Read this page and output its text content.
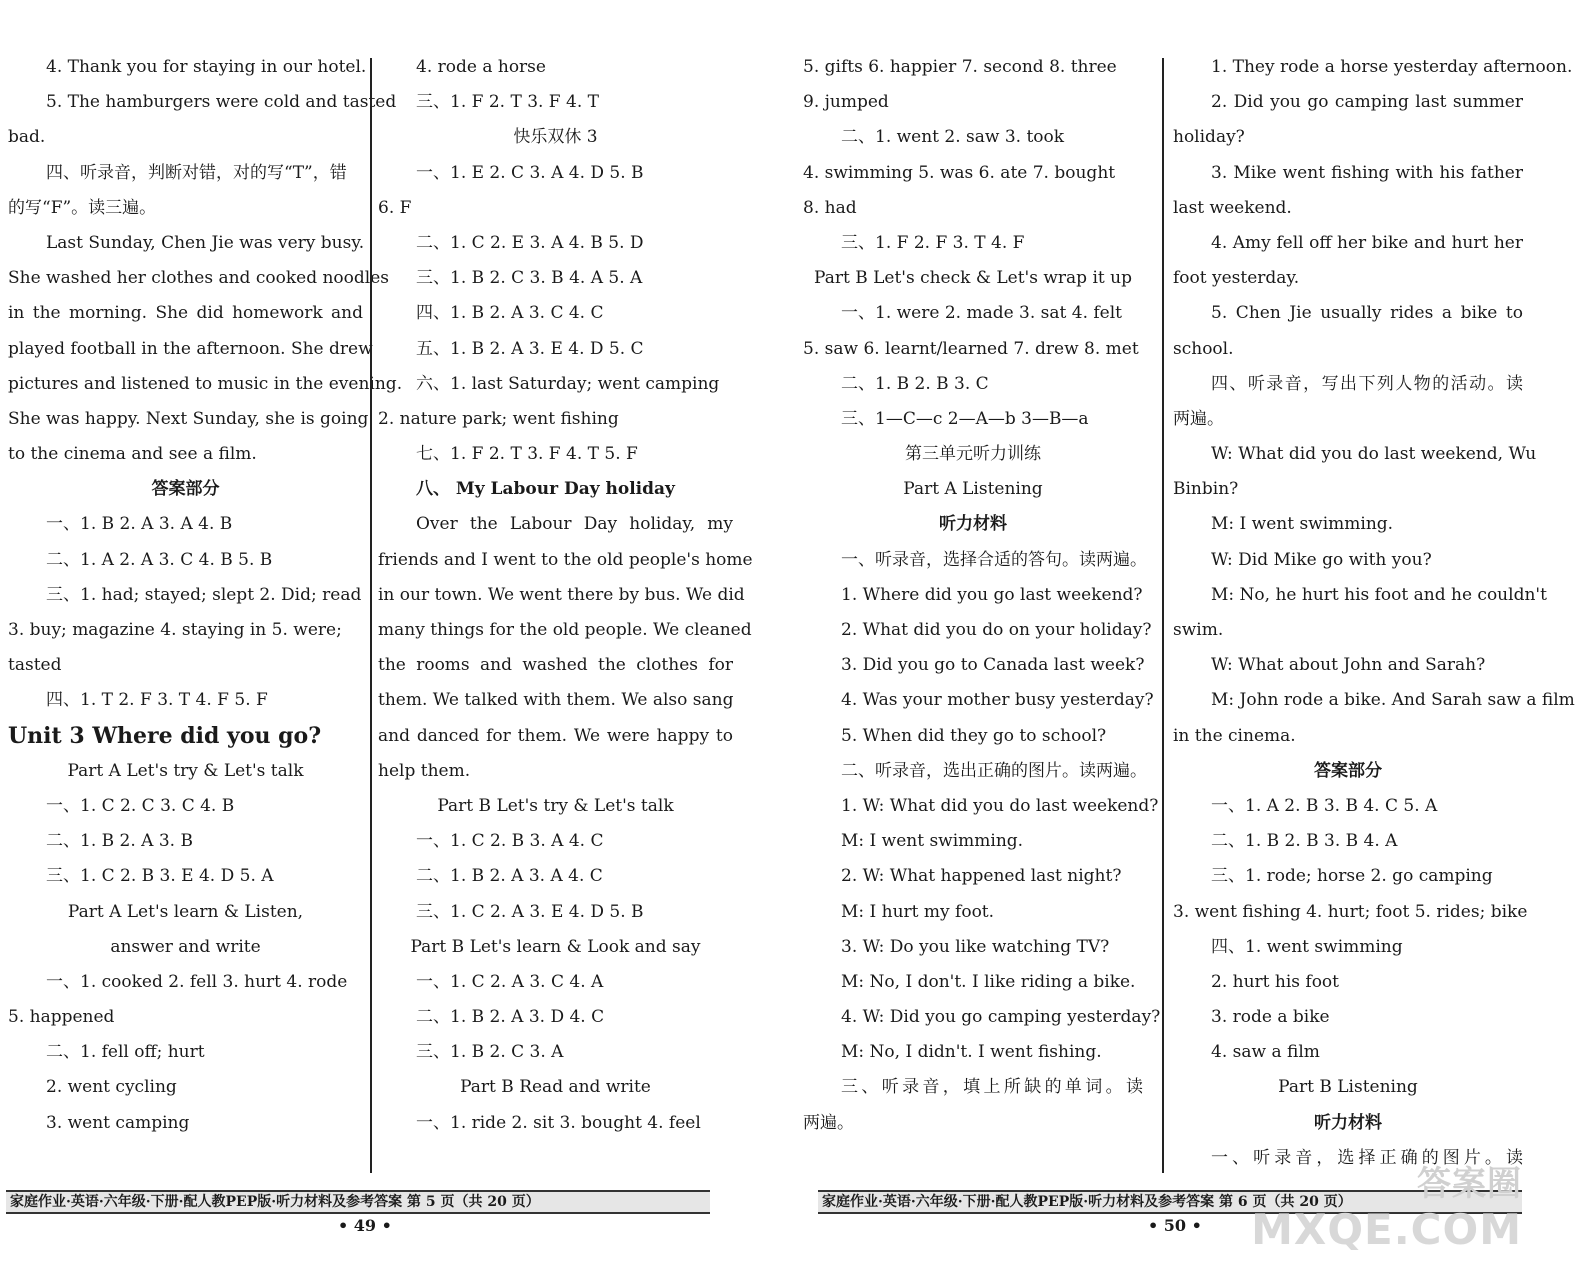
4. Thank you for staying in our hotel.
5. The hamburgers were cold and tasted
bad.
四、听录音，判断对错，对的写“T”，错
的写“F”。读三遍。
Last Sunday, Chen Jie was very busy.
She washed her clothes and cooked noodles
in the morning. She did homework and
played football in the afternoon. She drew
pictures and listened to music in the evening.
She was happy. Next Sunday, she is going
to the cinema and see a film.
答案部分
一、1. B 2. A 3. A 4. B
二、1. A 2. A 3. C 4. B 5. B
三、1. had; stayed; slept 2. Did; read
3. buy; magazine 4. staying in 5. were;
tasted
四、1. T 2. F 3. T 4. F 5. F
Unit 3 Where did you go?
Part A Let's try & Let's talk
一、1. C 2. C 3. C 4. B
二、1. B 2. A 3. B
三、1. C 2. B 3. E 4. D 5. A
Part A Let's learn & Listen,
answer and write
一、1. cooked 2. fell 3. hurt 4. rode
5. happened
二、1. fell off; hurt
2. went cycling
3. went camping
4. rode a horse
三、1. F 2. T 3. F 4. T
快乐双休 3
一、1. E 2. C 3. A 4. D 5. B
6. F
二、1. C 2. E 3. A 4. B 5. D
三、1. B 2. C 3. B 4. A 5. A
四、1. B 2. A 3. C 4. C
五、1. B 2. A 3. E 4. D 5. C
六、1. last Saturday; went camping
2. nature park; went fishing
七、1. F 2. T 3. F 4. T 5. F
八、 My Labour Day holiday
Over the Labour Day holiday, my
friends and I went to the old people's home
in our town. We went there by bus. We did
many things for the old people. We cleaned
the rooms and washed the clothes for
them. We talked with them. We also sang
and danced for them. We were happy to
help them.
Part B Let's try & Let's talk
一、1. C 2. B 3. A 4. C
二、1. B 2. A 3. A 4. C
三、1. C 2. A 3. E 4. D 5. B
Part B Let's learn & Look and say
一、1. C 2. A 3. C 4. A
二、1. B 2. A 3. D 4. C
三、1. B 2. C 3. A
Part B Read and write
一、1. ride 2. sit 3. bought 4. feel
5. gifts 6. happier 7. second 8. three
9. jumped
二、1. went 2. saw 3. took
4. swimming 5. was 6. ate 7. bought
8. had
三、1. F 2. F 3. T 4. F
Part B Let's check & Let's wrap it up
一、1. were 2. made 3. sat 4. felt
5. saw 6. learnt/learned 7. drew 8. met
二、1. B 2. B 3. C
三、1—C—c 2—A—b 3—B—a
第三单元听力训练
Part A Listening
听力材料
一、听录音，选择合适的答句。读两遍。
1. Where did you go last weekend?
2. What did you do on your holiday?
3. Did you go to Canada last week?
4. Was your mother busy yesterday?
5. When did they go to school?
二、听录音，选出正确的图片。读两遍。
1. W: What did you do last weekend?
M: I went swimming.
2. W: What happened last night?
M: I hurt my foot.
3. W: Do you like watching TV?
M: No, I don't. I like riding a bike.
4. W: Did you go camping yesterday?
M: No, I didn't. I went fishing.
三、听录音，填上所缺的单词。读
两遍。
1. They rode a horse yesterday afternoon.
2. Did you go camping last summer
holiday?
3. Mike went fishing with his father
last weekend.
4. Amy fell off her bike and hurt her
foot yesterday.
5. Chen Jie usually rides a bike to
school.
四、听录音，写出下列人物的活动。读
两遍。
W: What did you do last weekend, Wu
Binbin?
M: I went swimming.
W: Did Mike go with you?
M: No, he hurt his foot and he couldn't
swim.
W: What about John and Sarah?
M: John rode a bike. And Sarah saw a film
in the cinema.
答案部分
一、1. A 2. B 3. B 4. C 5. A
二、1. B 2. B 3. B 4. A
三、1. rode; horse 2. go camping
3. went fishing 4. hurt; foot 5. rides; bike
四、1. went swimming
2. hurt his foot
3. rode a bike
4. saw a film
Part B Listening
听力材料
一、听录音，选择正确的图片。读
家庭作业·英语·六年级·下册·配人教PEP版·听力材料及参考答案 第 5 页（共 20 页）
• 49 •
家庭作业·英语·六年级·下册·配人教PEP版·听力材料及参考答案 第 6 页（共 20 页）
• 50 •
答案圈
MXQE.COM
